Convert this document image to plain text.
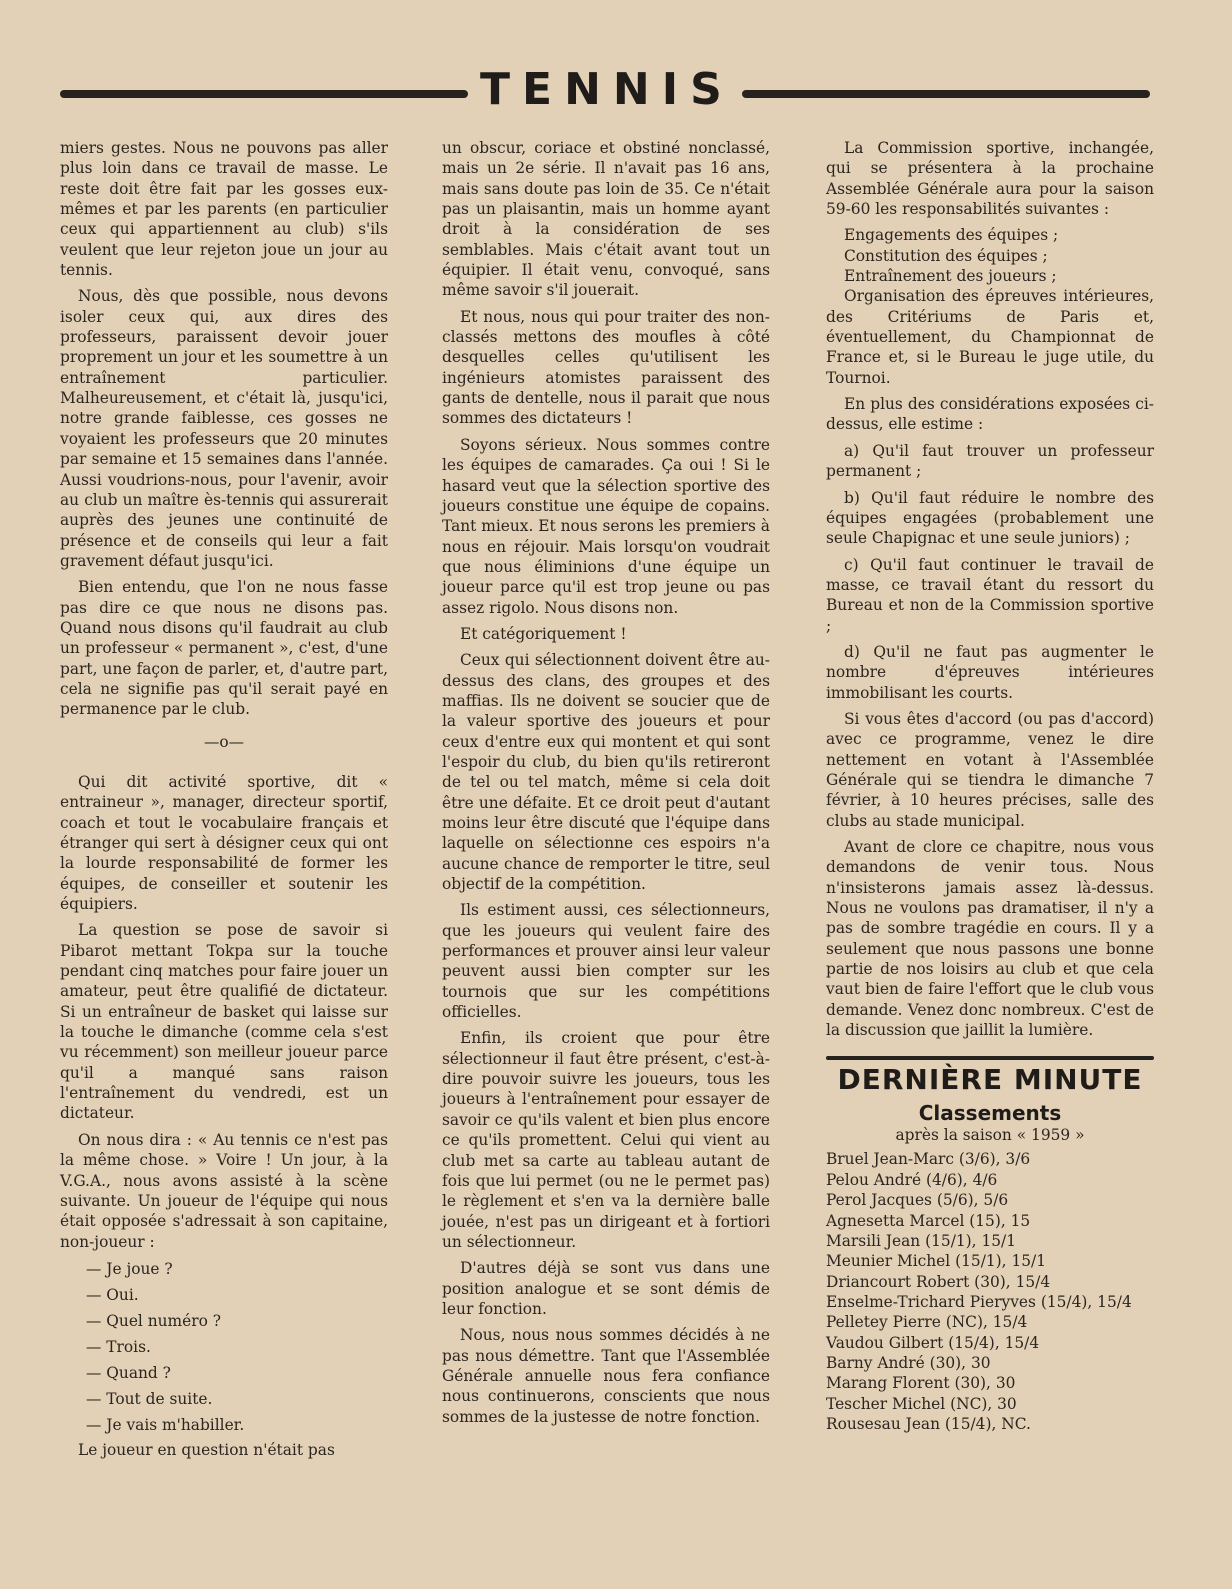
TENNIS

miers gestes. Nous ne pouvons pas aller plus loin dans ce travail de masse. Le reste doit être fait par les gosses eux-mêmes et par les parents (en particulier ceux qui appartiennent au club) s'ils veulent que leur rejeton joue un jour au tennis.

Nous, dès que possible, nous devons isoler ceux qui, aux dires des professeurs, paraissent devoir jouer proprement un jour et les soumettre à un entraînement particulier. Malheureusement, et c'était là, jusqu'ici, notre grande faiblesse, ces gosses ne voyaient les professeurs que 20 minutes par semaine et 15 semaines dans l'année. Aussi voudrions-nous, pour l'avenir, avoir au club un maître ès-tennis qui assurerait auprès des jeunes une continuité de présence et de conseils qui leur a fait gravement défaut jusqu'ici.

Bien entendu, que l'on ne nous fasse pas dire ce que nous ne disons pas. Quand nous disons qu'il faudrait au club un professeur « permanent », c'est, d'une part, une façon de parler, et, d'autre part, cela ne signifie pas qu'il serait payé en permanence par le club.

—o—

Qui dit activité sportive, dit « entraineur », manager, directeur sportif, coach et tout le vocabulaire français et étranger qui sert à désigner ceux qui ont la lourde responsabilité de former les équipes, de conseiller et soutenir les équipiers.

La question se pose de savoir si Pibarot mettant Tokpa sur la touche pendant cinq matches pour faire jouer un amateur, peut être qualifié de dictateur. Si un entraîneur de basket qui laisse sur la touche le dimanche (comme cela s'est vu récemment) son meilleur joueur parce qu'il a manqué sans raison l'entraînement du vendredi, est un dictateur.

On nous dira : « Au tennis ce n'est pas la même chose. » Voire ! Un jour, à la V.G.A., nous avons assisté à la scène suivante. Un joueur de l'équipe qui nous était opposée s'adressait à son capitaine, non-joueur :

— Je joue ?

— Oui.

— Quel numéro ?

— Trois.

— Quand ?

— Tout de suite.

— Je vais m'habiller.

Le joueur en question n'était pas

un obscur, coriace et obstiné nonclassé, mais un 2e série. Il n'avait pas 16 ans, mais sans doute pas loin de 35. Ce n'était pas un plaisantin, mais un homme ayant droit à la considération de ses semblables. Mais c'était avant tout un équipier. Il était venu, convoqué, sans même savoir s'il jouerait.

Et nous, nous qui pour traiter des non-classés mettons des moufles à côté desquelles celles qu'utilisent les ingénieurs atomistes paraissent des gants de dentelle, nous il parait que nous sommes des dictateurs !

Soyons sérieux. Nous sommes contre les équipes de camarades. Ça oui ! Si le hasard veut que la sélection sportive des joueurs constitue une équipe de copains. Tant mieux. Et nous serons les premiers à nous en réjouir. Mais lorsqu'on voudrait que nous éliminions d'une équipe un joueur parce qu'il est trop jeune ou pas assez rigolo. Nous disons non.

Et catégoriquement !

Ceux qui sélectionnent doivent être au-dessus des clans, des groupes et des maffias. Ils ne doivent se soucier que de la valeur sportive des joueurs et pour ceux d'entre eux qui montent et qui sont l'espoir du club, du bien qu'ils retireront de tel ou tel match, même si cela doit être une défaite. Et ce droit peut d'autant moins leur être discuté que l'équipe dans laquelle on sélectionne ces espoirs n'a aucune chance de remporter le titre, seul objectif de la compétition.

Ils estiment aussi, ces sélectionneurs, que les joueurs qui veulent faire des performances et prouver ainsi leur valeur peuvent aussi bien compter sur les tournois que sur les compétitions officielles.

Enfin, ils croient que pour être sélectionneur il faut être présent, c'est-à-dire pouvoir suivre les joueurs, tous les joueurs à l'entraînement pour essayer de savoir ce qu'ils valent et bien plus encore ce qu'ils promettent. Celui qui vient au club met sa carte au tableau autant de fois que lui permet (ou ne le permet pas) le règlement et s'en va la dernière balle jouée, n'est pas un dirigeant et à fortiori un sélectionneur.

D'autres déjà se sont vus dans une position analogue et se sont démis de leur fonction.

Nous, nous nous sommes décidés à ne pas nous démettre. Tant que l'Assemblée Générale annuelle nous fera confiance nous continuerons, conscients que nous sommes de la justesse de notre fonction.

La Commission sportive, inchangée, qui se présentera à la prochaine Assemblée Générale aura pour la saison 59-60 les responsabilités suivantes :

Engagements des équipes ;

Constitution des équipes ;

Entraînement des joueurs ;

Organisation des épreuves intérieures, des Critériums de Paris et, éventuellement, du Championnat de France et, si le Bureau le juge utile, du Tournoi.

En plus des considérations exposées ci-dessus, elle estime :

a) Qu'il faut trouver un professeur permanent ;

b) Qu'il faut réduire le nombre des équipes engagées (probablement une seule Chapignac et une seule juniors) ;

c) Qu'il faut continuer le travail de masse, ce travail étant du ressort du Bureau et non de la Commission sportive ;

d) Qu'il ne faut pas augmenter le nombre d'épreuves intérieures immobilisant les courts.

Si vous êtes d'accord (ou pas d'accord) avec ce programme, venez le dire nettement en votant à l'Assemblée Générale qui se tiendra le dimanche 7 février, à 10 heures précises, salle des clubs au stade municipal.

Avant de clore ce chapitre, nous vous demandons de venir tous. Nous n'insisterons jamais assez là-dessus. Nous ne voulons pas dramatiser, il n'y a pas de sombre tragédie en cours. Il y a seulement que nous passons une bonne partie de nos loisirs au club et que cela vaut bien de faire l'effort que le club vous demande. Venez donc nombreux. C'est de la discussion que jaillit la lumière.

DERNIÈRE MINUTE
Classements
après la saison « 1959 »
Bruel Jean-Marc (3/6), 3/6
Pelou André (4/6), 4/6
Perol Jacques (5/6), 5/6
Agnesetta Marcel (15), 15
Marsili Jean (15/1), 15/1
Meunier Michel (15/1), 15/1
Driancourt Robert (30), 15/4
Enselme-Trichard Pieryves (15/4), 15/4
Pelletey Pierre (NC), 15/4
Vaudou Gilbert (15/4), 15/4
Barny André (30), 30
Marang Florent (30), 30
Tescher Michel (NC), 30
Rousesau Jean (15/4), NC.
